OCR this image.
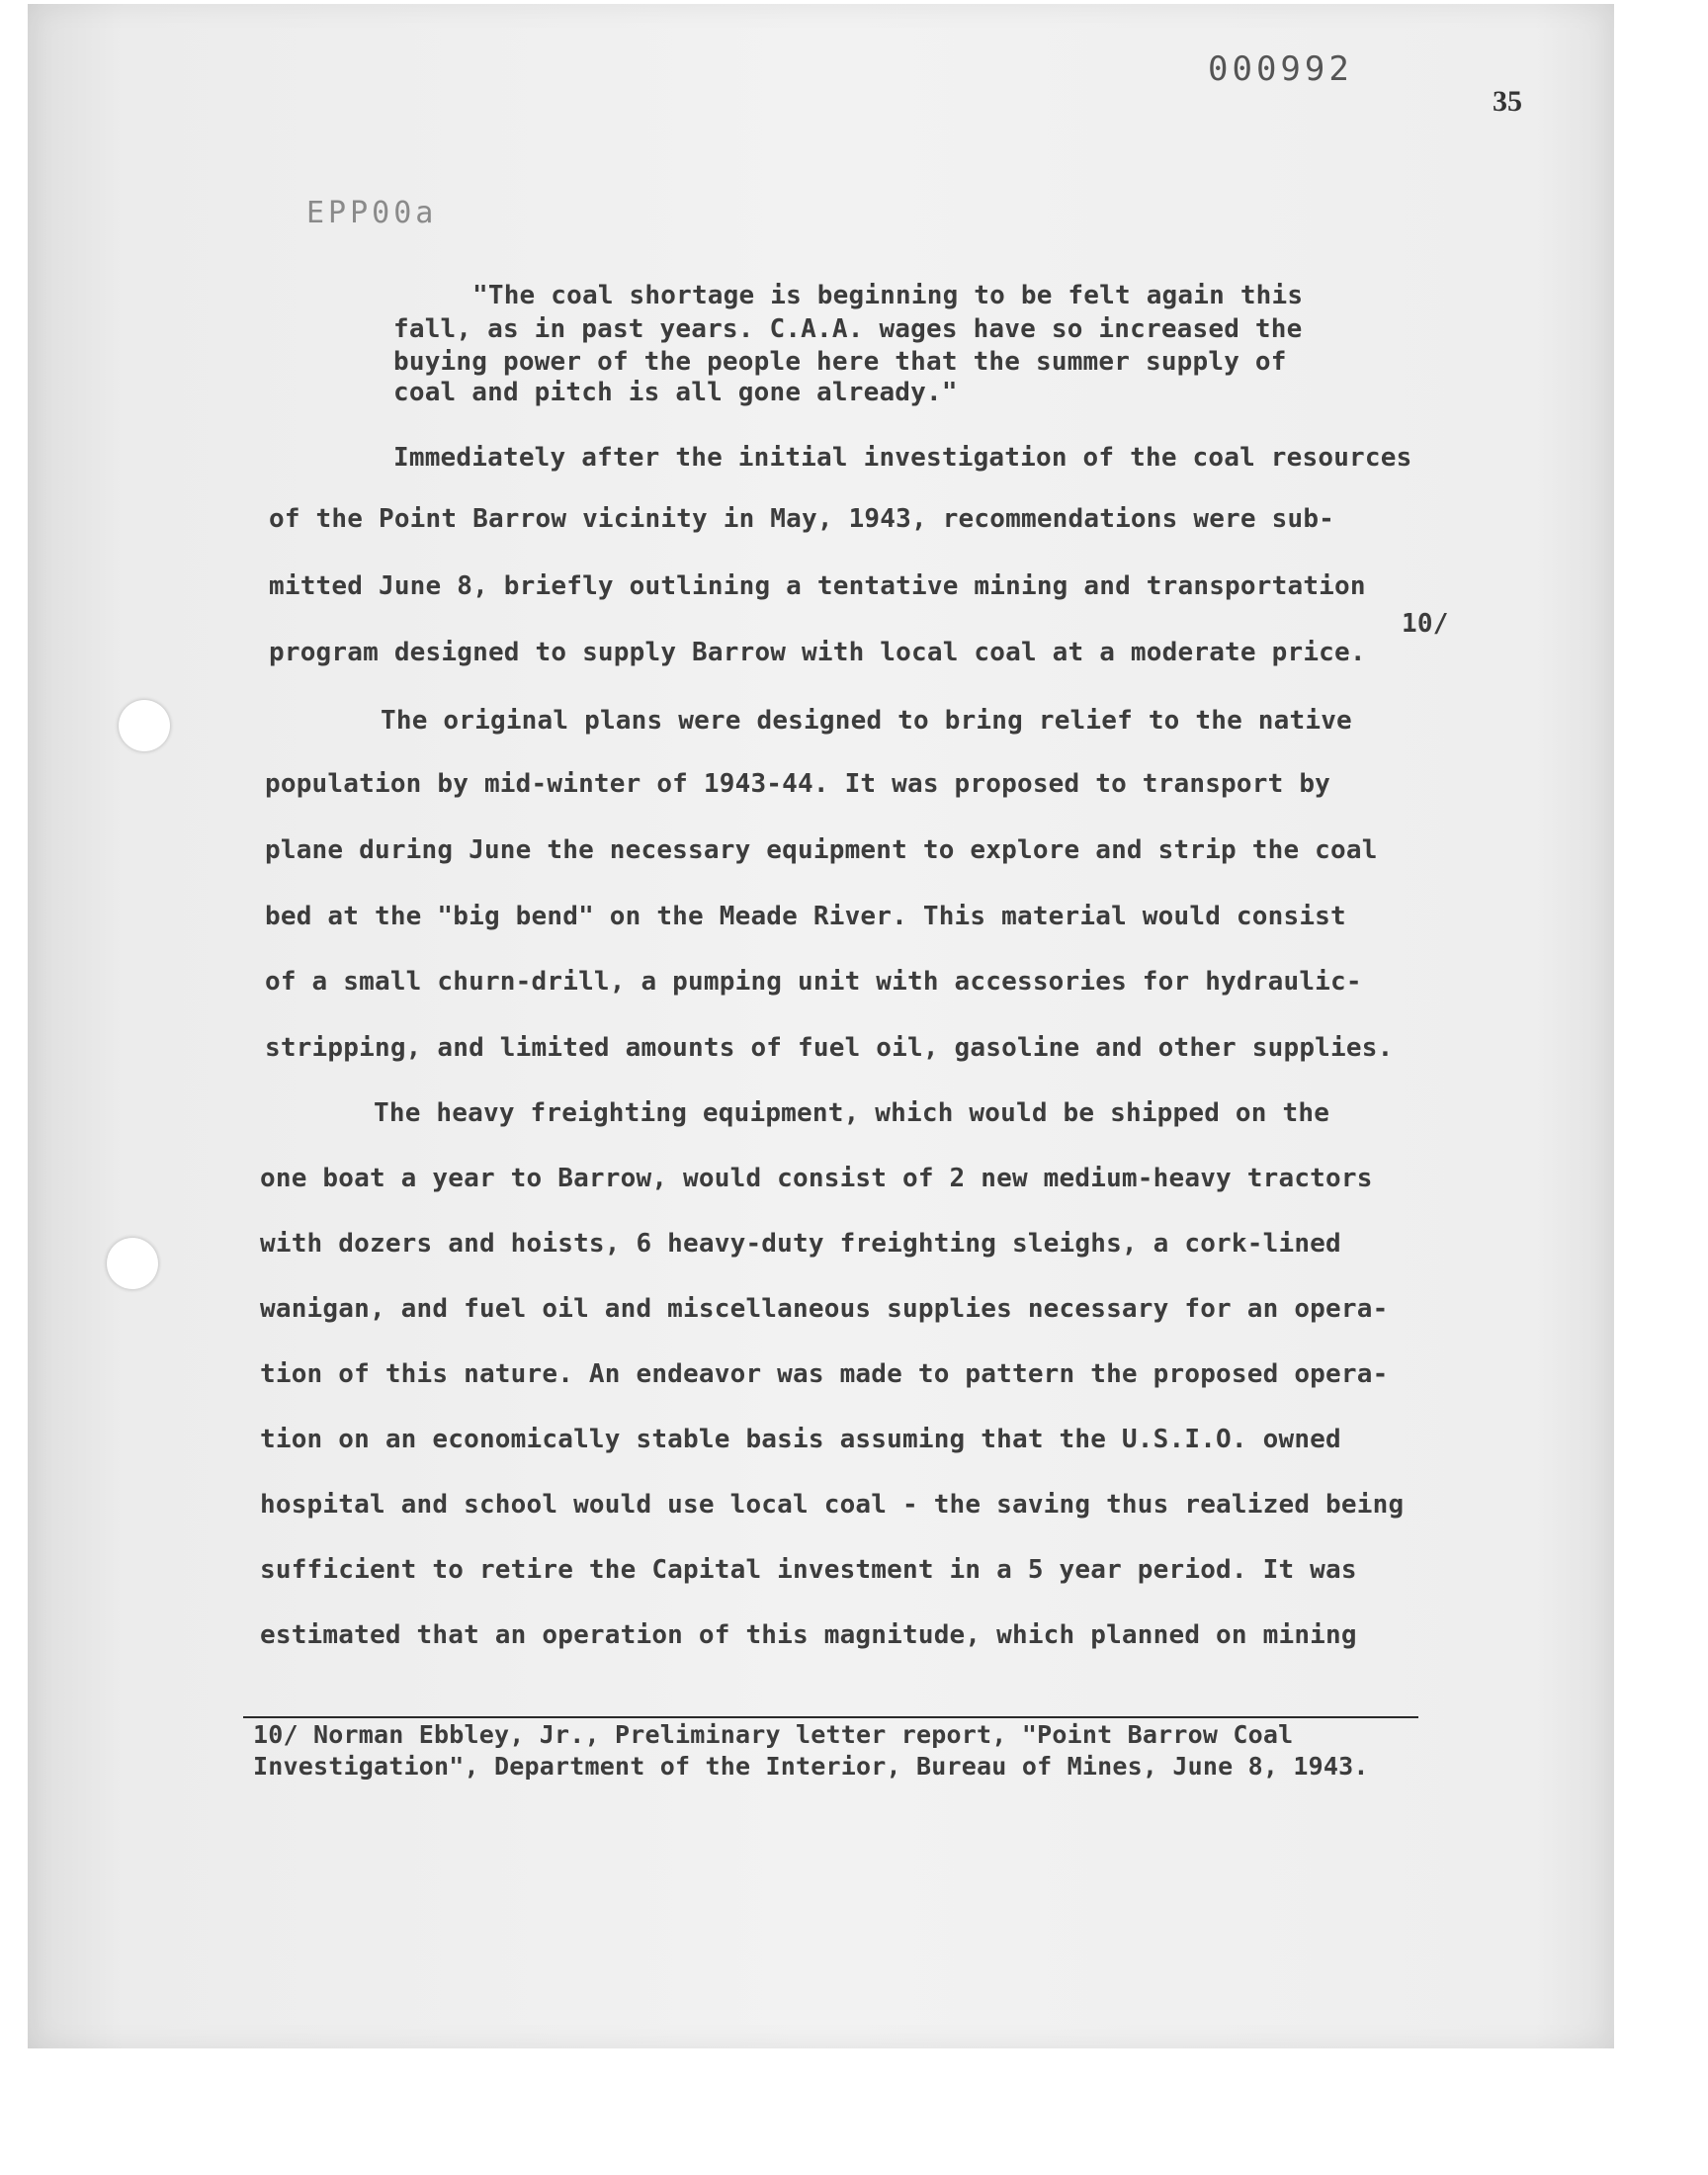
000992
EPP00a
35
"The coal shortage is beginning to be felt again this
fall, as in past years. C.A.A. wages have so increased the
buying power of the people here that the summer supply of
coal and pitch is all gone already."
Immediately after the initial investigation of the coal resources
of the Point Barrow vicinity in May, 1943, recommendations were sub-
mitted June 8, briefly outlining a tentative mining and transportation
10/
program designed to supply Barrow with local coal at a moderate price.
The original plans were designed to bring relief to the native
population by mid-winter of 1943-44. It was proposed to transport by
plane during June the necessary equipment to explore and strip the coal
bed at the "big bend" on the Meade River. This material would consist
of a small churn-drill, a pumping unit with accessories for hydraulic-
stripping, and limited amounts of fuel oil, gasoline and other supplies.
The heavy freighting equipment, which would be shipped on the
one boat a year to Barrow, would consist of 2 new medium-heavy tractors
with dozers and hoists, 6 heavy-duty freighting sleighs, a cork-lined
wanigan, and fuel oil and miscellaneous supplies necessary for an opera-
tion of this nature. An endeavor was made to pattern the proposed opera-
tion on an economically stable basis assuming that the U.S.I.O. owned
hospital and school would use local coal - the saving thus realized being
sufficient to retire the Capital investment in a 5 year period. It was
estimated that an operation of this magnitude, which planned on mining
10/ Norman Ebbley, Jr., Preliminary letter report, "Point Barrow Coal
Investigation", Department of the Interior, Bureau of Mines, June 8, 1943.
